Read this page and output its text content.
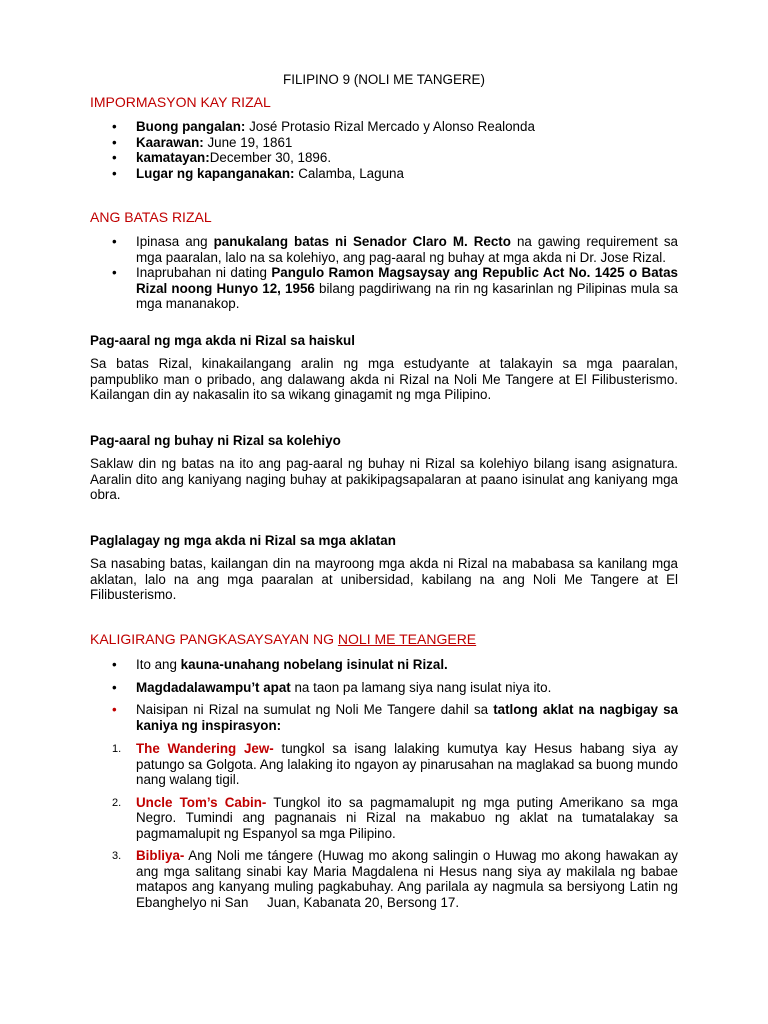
FILIPINO 9 (NOLI ME TANGERE)
IMPORMASYON KAY RIZAL
• Buong pangalan: José Protasio Rizal Mercado y Alonso Realonda
• Kaarawan: June 19, 1861
• kamatayan:December 30, 1896.
• Lugar ng kapanganakan: Calamba, Laguna
ANG BATAS RIZAL
• Ipinasa ang panukalang batas ni Senador Claro M. Recto na gawing requirement sa mga paaralan, lalo na sa kolehiyo, ang pag-aaral ng buhay at mga akda ni Dr. Jose Rizal.
• Inaprubahan ni dating Pangulo Ramon Magsaysay ang Republic Act No. 1425 o Batas Rizal noong Hunyo 12, 1956 bilang pagdiriwang na rin ng kasarinlan ng Pilipinas mula sa mga mananakop.
Pag-aaral ng mga akda ni Rizal sa haiskul
Sa batas Rizal, kinakailangang aralin ng mga estudyante at talakayin sa mga paaralan, pampubliko man o pribado, ang dalawang akda ni Rizal na Noli Me Tangere at El Filibusterismo. Kailangan din ay nakasalin ito sa wikang ginagamit ng mga Pilipino.
Pag-aaral ng buhay ni Rizal sa kolehiyo
Saklaw din ng batas na ito ang pag-aaral ng buhay ni Rizal sa kolehiyo bilang isang asignatura. Aaralin dito ang kaniyang naging buhay at pakikipagsapalaran at paano isinulat ang kaniyang mga obra.
Paglalagay ng mga akda ni Rizal sa mga aklatan
Sa nasabing batas, kailangan din na mayroong mga akda ni Rizal na mababasa sa kanilang mga aklatan, lalo na ang mga paaralan at unibersidad, kabilang na ang Noli Me Tangere at El Filibusterismo.
KALIGIRANG PANGKASAYSAYAN NG NOLI ME TEANGERE
• Ito ang kauna-unahang nobelang isinulat ni Rizal.
• Magdadalawampu’t apat na taon pa lamang siya nang isulat niya ito.
• Naisipan ni Rizal na sumulat ng Noli Me Tangere dahil sa tatlong aklat na nagbigay sa kaniya ng inspirasyon:
1. The Wandering Jew- tungkol sa isang lalaking kumutya kay Hesus habang siya ay patungo sa Golgota. Ang lalaking ito ngayon ay pinarusahan na maglakad sa buong mundo nang walang tigil.
2. Uncle Tom’s Cabin- Tungkol ito sa pagmamalupit ng mga puting Amerikano sa mga Negro. Tumindi ang pagnanais ni Rizal na makabuo ng aklat na tumatalakay sa pagmamalupit ng Espanyol sa mga Pilipino.
3. Bibliya- Ang Noli me tángere (Huwag mo akong salingin o Huwag mo akong hawakan ay ang mga salitang sinabi kay Maria Magdalena ni Hesus nang siya ay makilala ng babae matapos ang kanyang muling pagkabuhay. Ang parilala ay nagmula sa bersiyong Latin ng Ebanghelyo ni San     Juan, Kabanata 20, Bersong 17.
